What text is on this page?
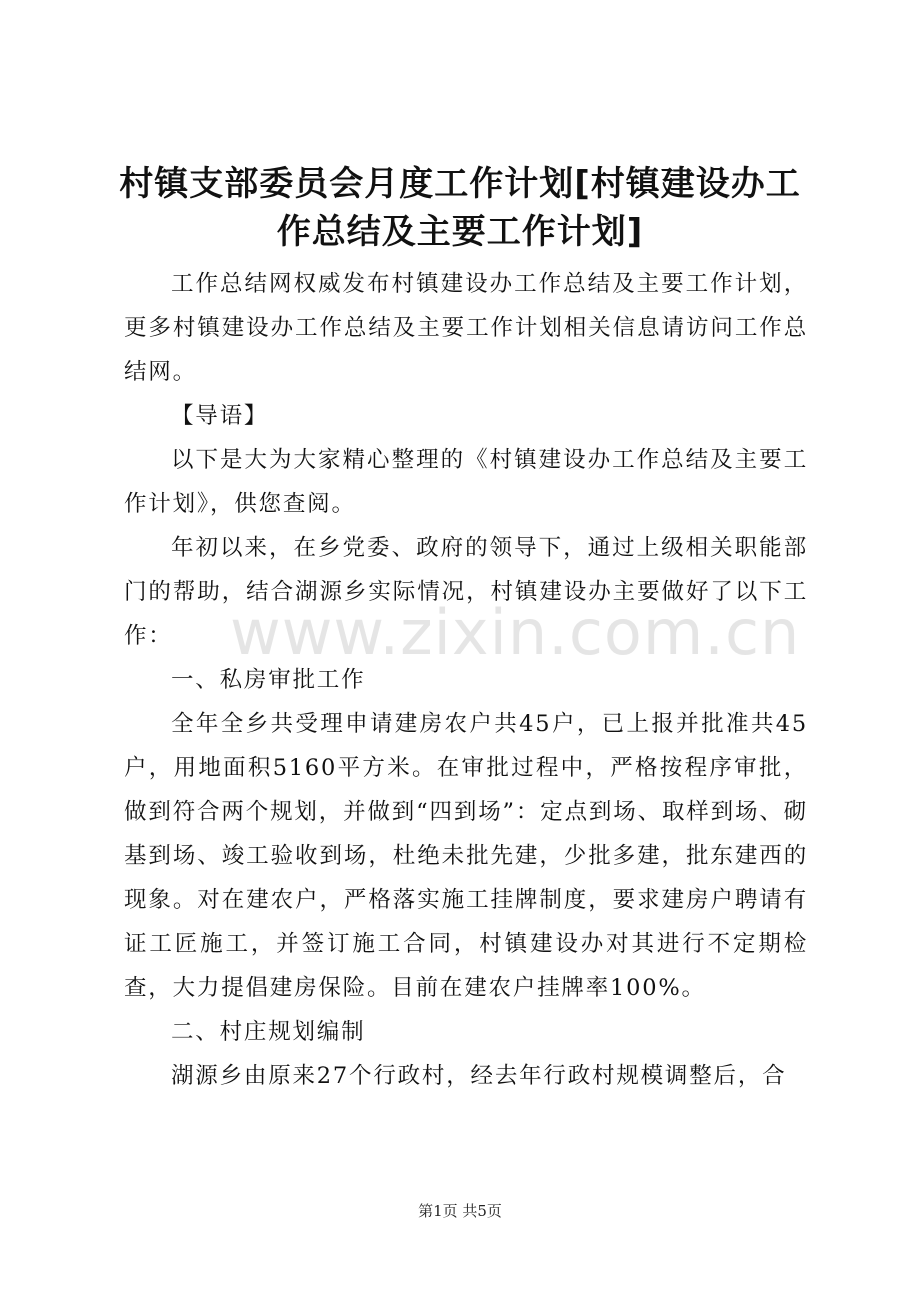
村镇支部委员会月度工作计划[村镇建设办工作总结及主要工作计划]

工作总结网权威发布村镇建设办工作总结及主要工作计划，更多村镇建设办工作总结及主要工作计划相关信息请访问工作总结网。

【导语】

以下是大为大家精心整理的《村镇建设办工作总结及主要工作计划》，供您查阅。

年初以来，在乡党委、政府的领导下，通过上级相关职能部门的帮助，结合湖源乡实际情况，村镇建设办主要做好了以下工作：

一、私房审批工作

全年全乡共受理申请建房农户共45户，已上报并批准共45户，用地面积5160平方米。在审批过程中，严格按程序审批，做到符合两个规划，并做到“四到场”：定点到场、取样到场、砌基到场、竣工验收到场，杜绝未批先建，少批多建，批东建西的现象。对在建农户，严格落实施工挂牌制度，要求建房户聘请有证工匠施工，并签订施工合同，村镇建设办对其进行不定期检查，大力提倡建房保险。目前在建农户挂牌率100%。

二、村庄规划编制

湖源乡由原来27个行政村，经去年行政村规模调整后，合

www.zixin.com.cn
第1页 共5页
